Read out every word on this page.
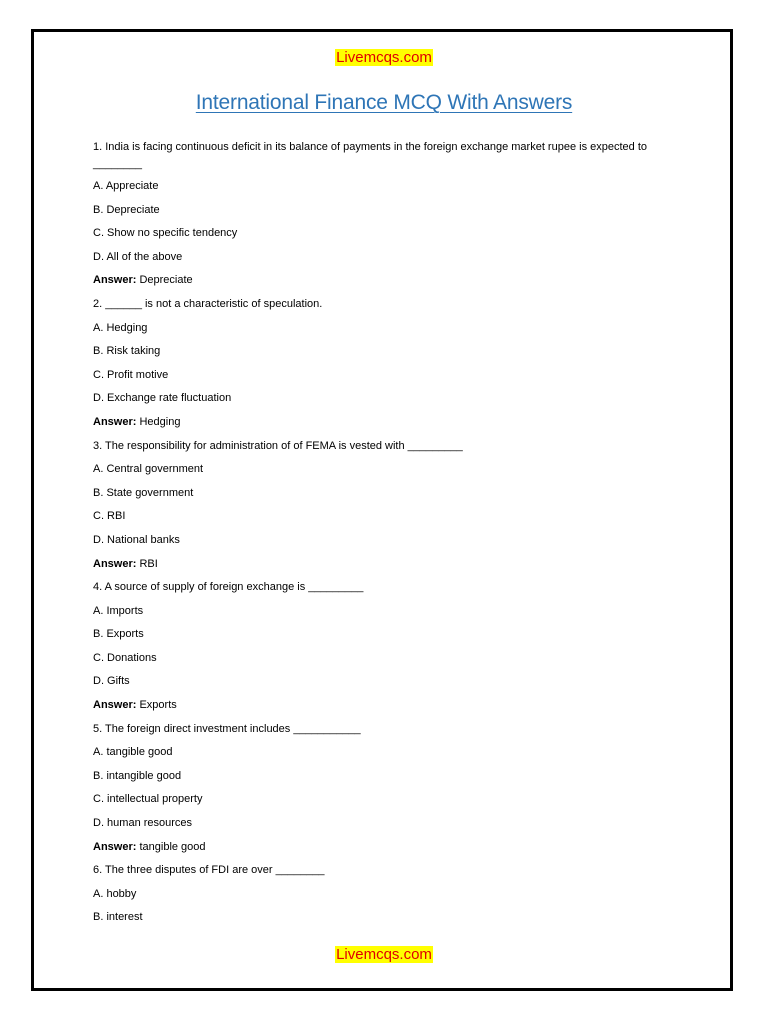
Livemcqs.com
International Finance MCQ With Answers
1. India is facing continuous deficit in its balance of payments in the foreign exchange market rupee is expected to ________
A. Appreciate
B. Depreciate
C. Show no specific tendency
D. All of the above
Answer: Depreciate
2. ______ is not a characteristic of speculation.
A. Hedging
B. Risk taking
C. Profit motive
D. Exchange rate fluctuation
Answer: Hedging
3. The responsibility for administration of of FEMA is vested with _________
A. Central government
B. State government
C. RBI
D. National banks
Answer: RBI
4. A source of supply of foreign exchange is _________
A. Imports
B. Exports
C. Donations
D. Gifts
Answer: Exports
5. The foreign direct investment includes ___________
A. tangible good
B. intangible good
C. intellectual property
D. human resources
Answer: tangible good
6. The three disputes of FDI are over ________
A. hobby
B. interest
Livemcqs.com
